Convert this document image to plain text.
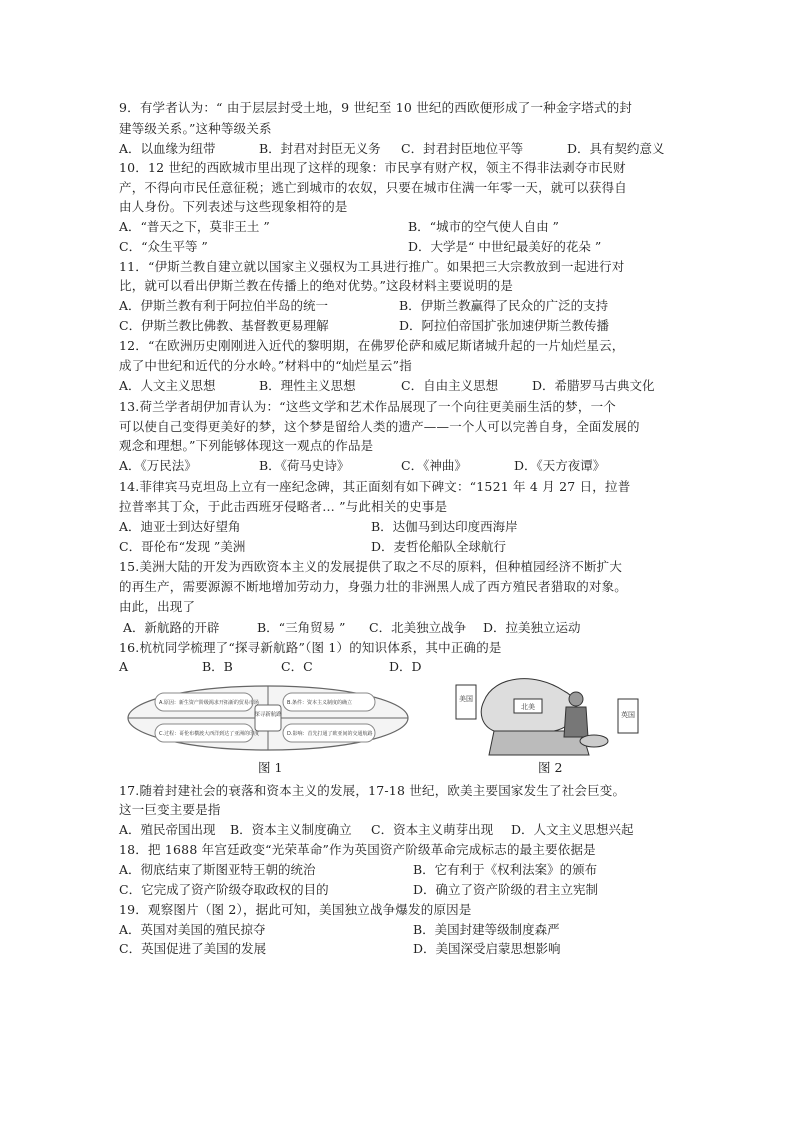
9．有学者认为：“ 由于层层封受土地，9 世纪至 10 世纪的西欧便形成了一种金字塔式的封
建等级关系。”这种等级关系
A．以血缘为纽带	B．封君对封臣无义务 C．封君封臣地位平等	D．具有契约意义
10．12 世纪的西欧城市里出现了这样的现象：市民享有财产权，领主不得非法剥夺市民财
产，不得向市民任意征税；逃亡到城市的农奴，只要在城市住满一年零一天，就可以获得自
由人身份。下列表述与这些现象相符的是
A．“普天之下，莫非王土 ”	B．“城市的空气使人自由 ”
C．“众生平等 ”	D．大学是“ 中世纪最美好的花朵 ”
11．“伊斯兰教自建立就以国家主义强权为工具进行推广。如果把三大宗教放到一起进行对
比，就可以看出伊斯兰教在传播上的绝对优势。”这段材料主要说明的是
A．伊斯兰教有利于阿拉伯半岛的统一	B．伊斯兰教赢得了民众的广泛的支持
C．伊斯兰教比佛教、基督教更易理解	D．阿拉伯帝国扩张加速伊斯兰教传播
12．“在欧洲历史刚刚进入近代的黎明期，在佛罗伦萨和威尼斯诸城升起的一片灿烂星云，
成了中世纪和近代的分水岭。”材料中的“灿烂星云”指
A．人文主义思想	B．理性主义思想	C．自由主义思想	D．希腊罗马古典文化
13.荷兰学者胡伊加青认为：“这些文学和艺术作品展现了一个向往更美丽生活的梦，一个
可以使自己变得更美好的梦，这个梦是留给人类的遗产——一个人可以完善自身，全面发展的
观念和理想。”下列能够体现这一观点的作品是
A．《万民法》	B．《荷马史诗》	C．《神曲》	D．《天方夜谭》
14.菲律宾马克坦岛上立有一座纪念碑，其正面刻有如下碑文：“1521 年 4 月 27 日，拉普
拉普率其丁众，于此击西班牙侵略者… ”与此相关的史事是
A．迪亚士到达好望角	B．达伽马到达印度西海岸
C．哥伦布“发现 ”美洲	D．麦哲伦船队全球航行
15.美洲大陆的开发为西欧资本主义的发展提供了取之不尽的原料，但种植园经济不断扩大
的再生产，需要源源不断地增加劳动力，身强力壮的非洲黑人成了西方殖民者猎取的对象。
由此，出现了
A．新航路的开辟	B．“三角贸易 ” C．北美独立战争 D．拉美独立运动
16.杭杭同学梳理了“探寻新航路”（图 1）的知识体系，其中正确的是
A	B．B	C．C	D．D
探寻新航路
A.原因：新生资产阶级渴求开拓新的贸易市场	B.条件：资本主义制度的确立
C.过程：哥伦布横渡大西洋到达了亚洲的印度	D.影响：首先打通了欧亚间的交通航路
图 1
美国
北美
英国
图 2
17.随着封建社会的衰落和资本主义的发展，17-18 世纪，欧美主要国家发生了社会巨变。
这一巨变主要是指
A．殖民帝国出现 B．资本主义制度确立 C．资本主义萌芽出现 D．人文主义思想兴起
18．把 1688 年宫廷政变“光荣革命”作为英国资产阶级革命完成标志的最主要依据是
A．彻底结束了斯图亚特王朝的统治	B．它有利于《权利法案》的颁布
C．它完成了资产阶级夺取政权的目的	D．确立了资产阶级的君主立宪制
19．观察图片（图 2），据此可知，美国独立战争爆发的原因是
A．英国对美国的殖民掠夺	B．美国封建等级制度森严
C．英国促进了美国的发展	D．美国深受启蒙思想影响
